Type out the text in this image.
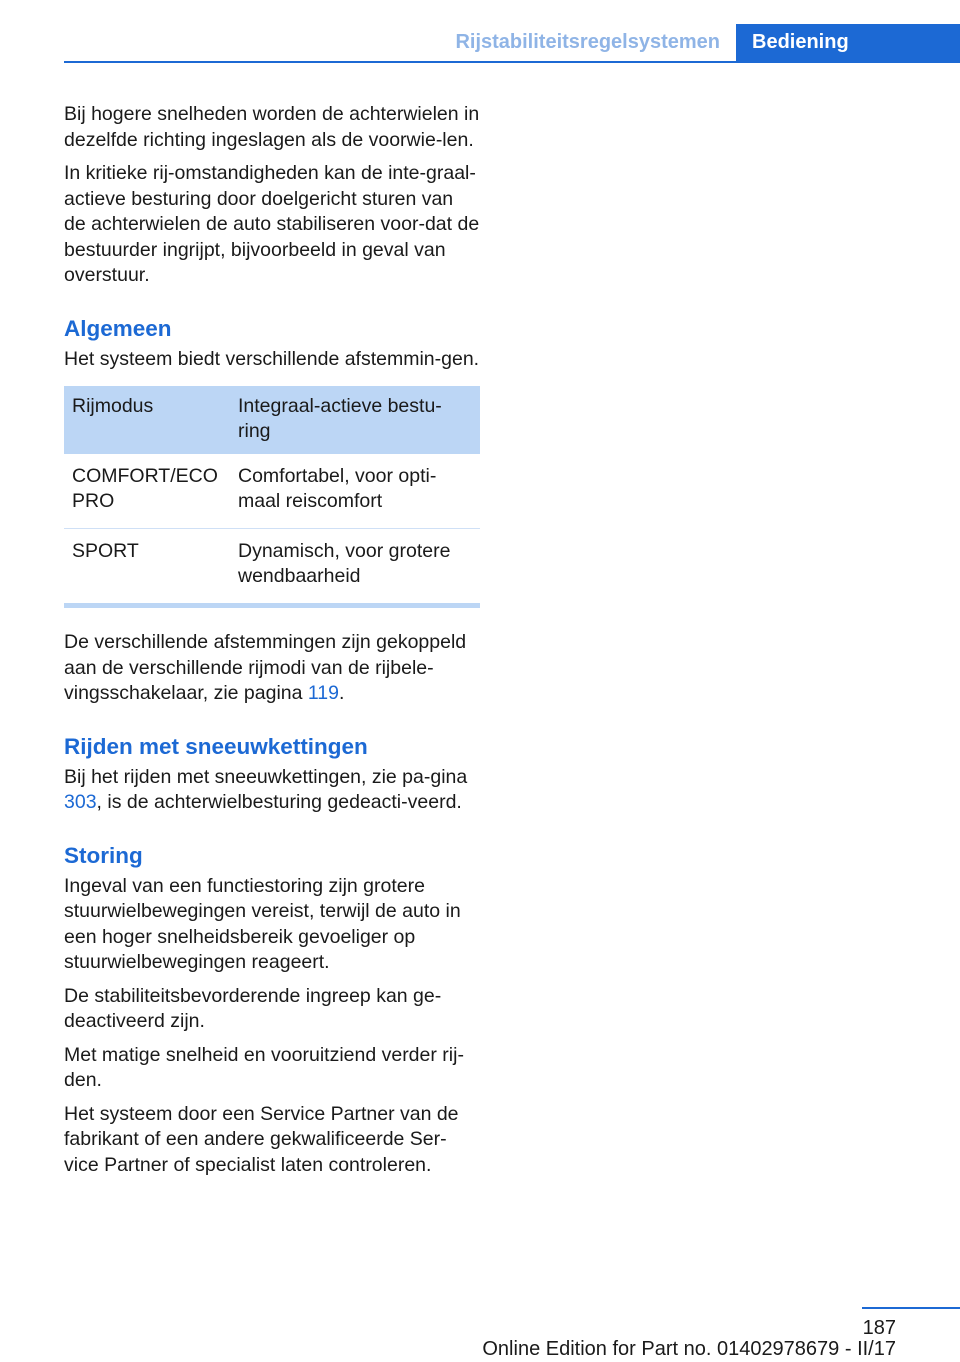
Rijstabiliteitsregelsystemen	Bediening

Bij hogere snelheden worden de achterwielen in dezelfde richting ingeslagen als de voorwie-len.

In kritieke rij-omstandigheden kan de inte-graal-actieve besturing door doelgericht sturen van de achterwielen de auto stabiliseren voor-dat de bestuurder ingrijpt, bijvoorbeeld in geval van overstuur.

Algemeen

Het systeem biedt verschillende afstemmin-gen.

Rijmodus	Integraal-actieve bestu-ring
COMFORT/ECO PRO	Comfortabel, voor opti-maal reiscomfort
SPORT	Dynamisch, voor grotere wendbaarheid

De verschillende afstemmingen zijn gekoppeld aan de verschillende rijmodi van de rijbele-vingsschakelaar, zie pagina 119.

Rijden met sneeuwkettingen

Bij het rijden met sneeuwkettingen, zie pa-gina 303, is de achterwielbesturing gedeacti-veerd.

Storing

Ingeval van een functiestoring zijn grotere stuurwielbewegingen vereist, terwijl de auto in een hoger snelheidsbereik gevoeliger op stuurwielbewegingen reageert.

De stabiliteitsbevorderende ingreep kan ge-deactiveerd zijn.

Met matige snelheid en vooruitziend verder rij-den.

Het systeem door een Service Partner van de fabrikant of een andere gekwalificeerde Ser-vice Partner of specialist laten controleren.

187
Online Edition for Part no. 01402978679 - II/17
